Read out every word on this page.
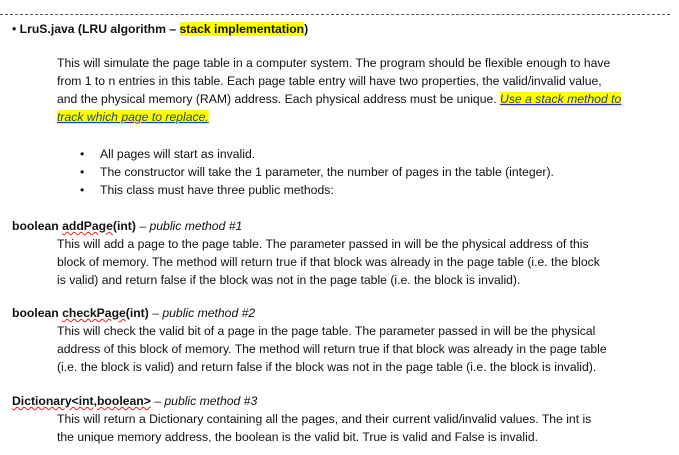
• LruS.java (LRU algorithm – stack implementation)
This will simulate the page table in a computer system. The program should be flexible enough to have
from 1 to n entries in this table. Each page table entry will have two properties, the valid/invalid value,
and the physical memory (RAM) address. Each physical address must be unique. Use a stack method to
track which page to replace.
• All pages will start as invalid.
• The constructor will take the 1 parameter, the number of pages in the table (integer).
• This class must have three public methods:
boolean addPage(int) – public method #1
This will add a page to the page table. The parameter passed in will be the physical address of this
block of memory. The method will return true if that block was already in the page table (i.e. the block
is valid) and return false if the block was not in the page table (i.e. the block is invalid).
boolean checkPage(int) – public method #2
This will check the valid bit of a page in the page table. The parameter passed in will be the physical
address of this block of memory. The method will return true if that block was already in the page table
(i.e. the block is valid) and return false if the block was not in the page table (i.e. the block is invalid).
Dictionary<int,boolean> – public method #3
This will return a Dictionary containing all the pages, and their current valid/invalid values. The int is
the unique memory address, the boolean is the valid bit. True is valid and False is invalid.
